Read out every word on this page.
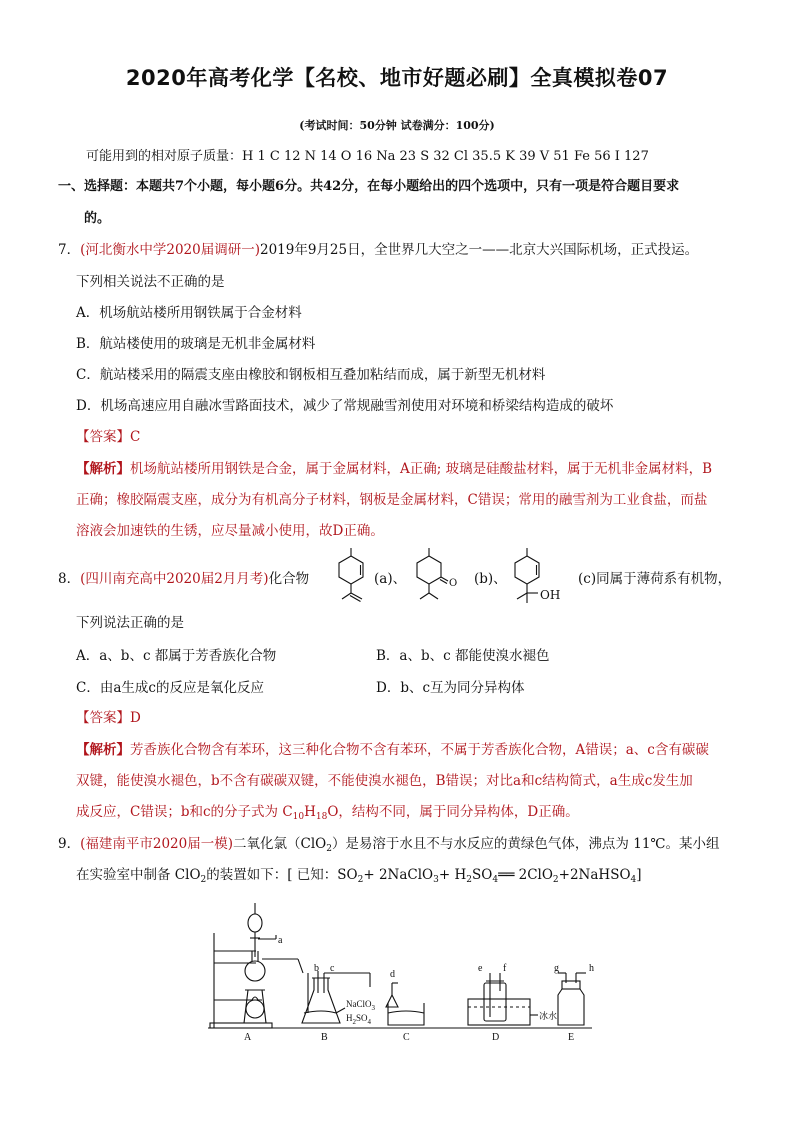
2020年高考化学【名校、地市好题必刷】全真模拟卷07
(考试时间：50分钟 试卷满分：100分)
可能用到的相对原子质量：H 1 C 12 N 14 O 16 Na 23 S 32 Cl 35.5 K 39 V 51 Fe 56 I 127
一、选择题：本题共7个小题，每小题6分。共42分，在每小题给出的四个选项中，只有一项是符合题目要求
的。
7．(河北衡水中学2020届调研一)2019年9月25日，全世界几大空之一——北京大兴国际机场，正式投运。
下列相关说法不正确的是
A．机场航站楼所用钢铁属于合金材料
B．航站楼使用的玻璃是无机非金属材料
C．航站楼采用的隔震支座由橡胶和钢板相互叠加粘结而成，属于新型无机材料
D．机场高速应用自融冰雪路面技术，减少了常规融雪剂使用对环境和桥梁结构造成的破坏
【答案】C
【解析】机场航站楼所用钢铁是合金，属于金属材料，A正确; 玻璃是硅酸盐材料，属于无机非金属材料，B
正确；橡胶隔震支座，成分为有机高分子材料，钢板是金属材料，C错误；常用的融雪剂为工业食盐，而盐
溶液会加速铁的生锈，应尽量减小使用，故D正确。
8．(四川南充高中2020届2月月考)化合物	(a)、	O (b)、
OH
(c)同属于薄荷系有机物，
下列说法正确的是
A．a、b、c 都属于芳香族化合物	B．a、b、c 都能使溴水褪色
C．由a生成c的反应是氧化反应	D．b、c互为同分异构体
【答案】D
【解析】芳香族化合物含有苯环，这三种化合物不含有苯环，不属于芳香族化合物，A错误；a、c含有碳碳
双键，能使溴水褪色，b不含有碳碳双键，不能使溴水褪色，B错误；对比a和c结构简式，a生成c发生加
成反应，C错误；b和c的分子式为 $C_{10}H_{18}O$，结构不同，属于同分异构体，D正确。
9．(福建南平市2020届一模)二氧化氯（ClO$_2$）是易溶于水且不与水反应的黄绿色气体，沸点为 11℃。某小组
在实验室中制备 ClO$_2$的装置如下：[ 已知：$SO_2+$ 2NaClO$_3$+ $H_2SO_4══$ 2ClO$_2$+2NaHSO$_4$]
a
b c
d
e f	g	h
A	B	C	D	E
NaClO$_3$
$H_2SO_4$	冰水
